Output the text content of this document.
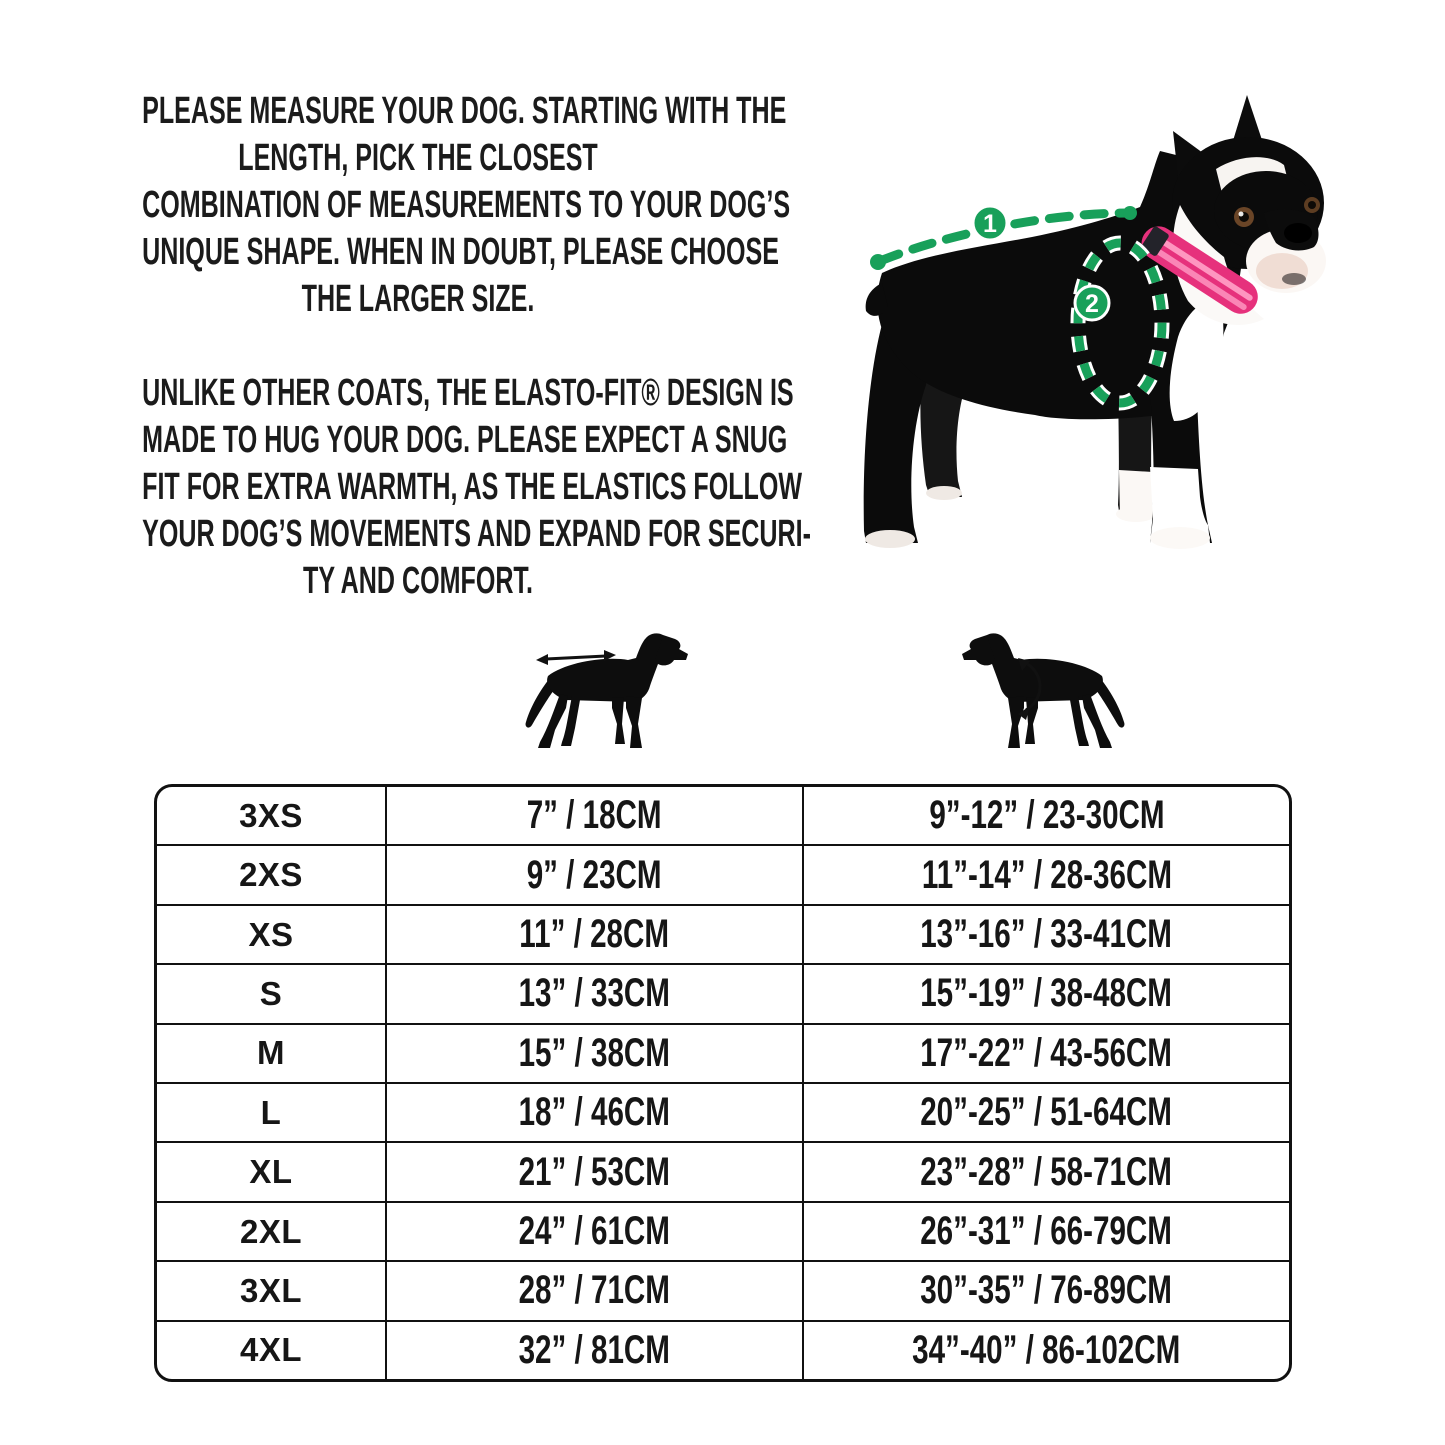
PLEASE MEASURE YOUR DOG. STARTING WITH THE
LENGTH, PICK THE CLOSEST
COMBINATION OF MEASUREMENTS TO YOUR DOG’S
UNIQUE SHAPE. WHEN IN DOUBT, PLEASE CHOOSE
THE LARGER SIZE.
UNLIKE OTHER COATS, THE ELASTO-FIT® DESIGN IS
MADE TO HUG YOUR DOG. PLEASE EXPECT A SNUG
FIT FOR EXTRA WARMTH, AS THE ELASTICS FOLLOW
YOUR DOG’S MOVEMENTS AND EXPAND FOR SECURI-
TY AND COMFORT.
1
2
3XS	7” / 18CM	9”-12” / 23-30CM
2XS	9” / 23CM	11”-14” / 28-36CM
XS	11” / 28CM	13”-16” / 33-41CM
S	13” / 33CM	15”-19” / 38-48CM
M	15” / 38CM	17”-22” / 43-56CM
L	18” / 46CM	20”-25” / 51-64CM
XL	21” / 53CM	23”-28” / 58-71CM
2XL	24” / 61CM	26”-31” / 66-79CM
3XL	28” / 71CM	30”-35” / 76-89CM
4XL	32” / 81CM	34”-40” / 86-102CM
